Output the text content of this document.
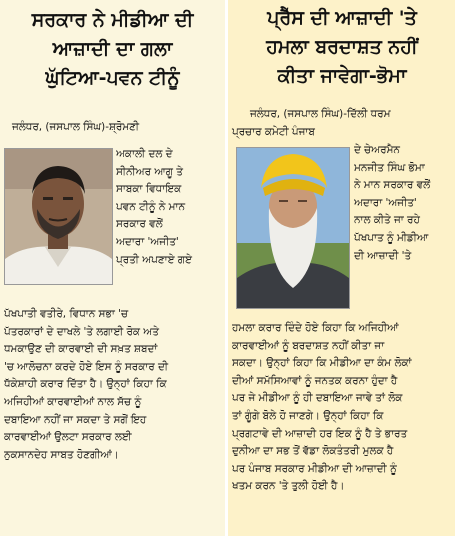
ਸਰਕਾਰ ਨੇ ਮੀਡੀਆ ਦੀ
ਆਜ਼ਾਦੀ ਦਾ ਗਲਾ
ਘੁੱਟਿਆ-ਪਵਨ ਟੀਨੂੰ
ਜਲੰਧਰ, (ਜਸਪਾਲ ਸਿੰਘ)-ਸ਼੍ਰੋਮਣੀ
ਅਕਾਲੀ ਦਲ ਦੇ
ਸੀਨੀਅਰ ਆਗੂ ਤੇ
ਸਾਬਕਾ ਵਿਧਾਇਕ
ਪਵਨ ਟੀਨੂੰ ਨੇ ਮਾਨ
ਸਰਕਾਰ ਵਲੋਂ
ਅਦਾਰਾ 'ਅਜੀਤ'
ਪ੍ਰਤੀ ਅਪਣਾਏ ਗਏ
ਪੱਖਪਾਤੀ ਵਤੀਰੇ, ਵਿਧਾਨ ਸਭਾ 'ਚ
ਪੱਤਰਕਾਰਾਂ ਦੇ ਦਾਖਲੇ 'ਤੇ ਲਗਾਈ ਰੋਕ ਅਤੇ
ਧਮਕਾਉਣ ਦੀ ਕਾਰਵਾਈ ਦੀ ਸਖ਼ਤ ਸ਼ਬਦਾਂ
'ਚ ਆਲੋਚਨਾ ਕਰਦੇ ਹੋਏ ਇਸ ਨੂੰ ਸਰਕਾਰ ਦੀ
ਧੱਕੇਸ਼ਾਹੀ ਕਰਾਰ ਦਿੱਤਾ ਹੈ। ਉਨ੍ਹਾਂ ਕਿਹਾ ਕਿ
ਅਜਿਹੀਆਂ ਕਾਰਵਾਈਆਂ ਨਾਲ ਸੱਚ ਨੂੰ
ਦਬਾਇਆ ਨਹੀਂ ਜਾ ਸਕਦਾ ਤੇ ਸਗੋਂ ਇਹ
ਕਾਰਵਾਈਆਂ ਉਲਟਾ ਸਰਕਾਰ ਲਈ
ਨੁਕਸਾਨਦੇਹ ਸਾਬਤ ਹੋਣਗੀਆਂ।
ਪ੍ਰੈੱਸ ਦੀ ਆਜ਼ਾਦੀ 'ਤੇ
ਹਮਲਾ ਬਰਦਾਸ਼ਤ ਨਹੀਂ
ਕੀਤਾ ਜਾਵੇਗਾ-ਭੋਮਾ
ਜਲੰਧਰ, (ਜਸਪਾਲ ਸਿੰਘ)-ਦਿੱਲੀ ਧਰਮ
ਪ੍ਰਚਾਰ ਕਮੇਟੀ ਪੰਜਾਬ
ਦੇ ਚੇਅਰਮੈਨ
ਮਨਜੀਤ ਸਿੰਘ ਭੋਮਾ
ਨੇ ਮਾਨ ਸਰਕਾਰ ਵਲੋਂ
ਅਦਾਰਾ 'ਅਜੀਤ'
ਨਾਲ ਕੀਤੇ ਜਾ ਰਹੇ
ਪੱਖਪਾਤ ਨੂੰ ਮੀਡੀਆ
ਦੀ ਆਜ਼ਾਦੀ 'ਤੇ
ਹਮਲਾ ਕਰਾਰ ਦਿੰਦੇ ਹੋਏ ਕਿਹਾ ਕਿ ਅਜਿਹੀਆਂ
ਕਾਰਵਾਈਆਂ ਨੂੰ ਬਰਦਾਸ਼ਤ ਨਹੀਂ ਕੀਤਾ ਜਾ
ਸਕਦਾ। ਉਨ੍ਹਾਂ ਕਿਹਾ ਕਿ ਮੀਡੀਆ ਦਾ ਕੰਮ ਲੋਕਾਂ
ਦੀਆਂ ਸਮੱਸਿਆਵਾਂ ਨੂੰ ਜਨਤਕ ਕਰਨਾ ਹੁੰਦਾ ਹੈ
ਪਰ ਜੇ ਮੀਡੀਆ ਨੂੰ ਹੀ ਦਬਾਇਆ ਜਾਵੇ ਤਾਂ ਲੋਕ
ਤਾਂ ਗੂੰਗੇ ਬੋਲੇ ਹੋ ਜਾਣਗੇ। ਉਨ੍ਹਾਂ ਕਿਹਾ ਕਿ
ਪ੍ਰਗਟਾਵੇ ਦੀ ਆਜ਼ਾਦੀ ਹਰ ਇਕ ਨੂੰ ਹੈ ਤੇ ਭਾਰਤ
ਦੁਨੀਆ ਦਾ ਸਭ ਤੋਂ ਵੱਡਾ ਲੋਕਤੰਤਰੀ ਮੁਲਕ ਹੈ
ਪਰ ਪੰਜਾਬ ਸਰਕਾਰ ਮੀਡੀਆ ਦੀ ਆਜ਼ਾਦੀ ਨੂੰ
ਖਤਮ ਕਰਨ 'ਤੇ ਤੁਲੀ ਹੋਈ ਹੈ।
